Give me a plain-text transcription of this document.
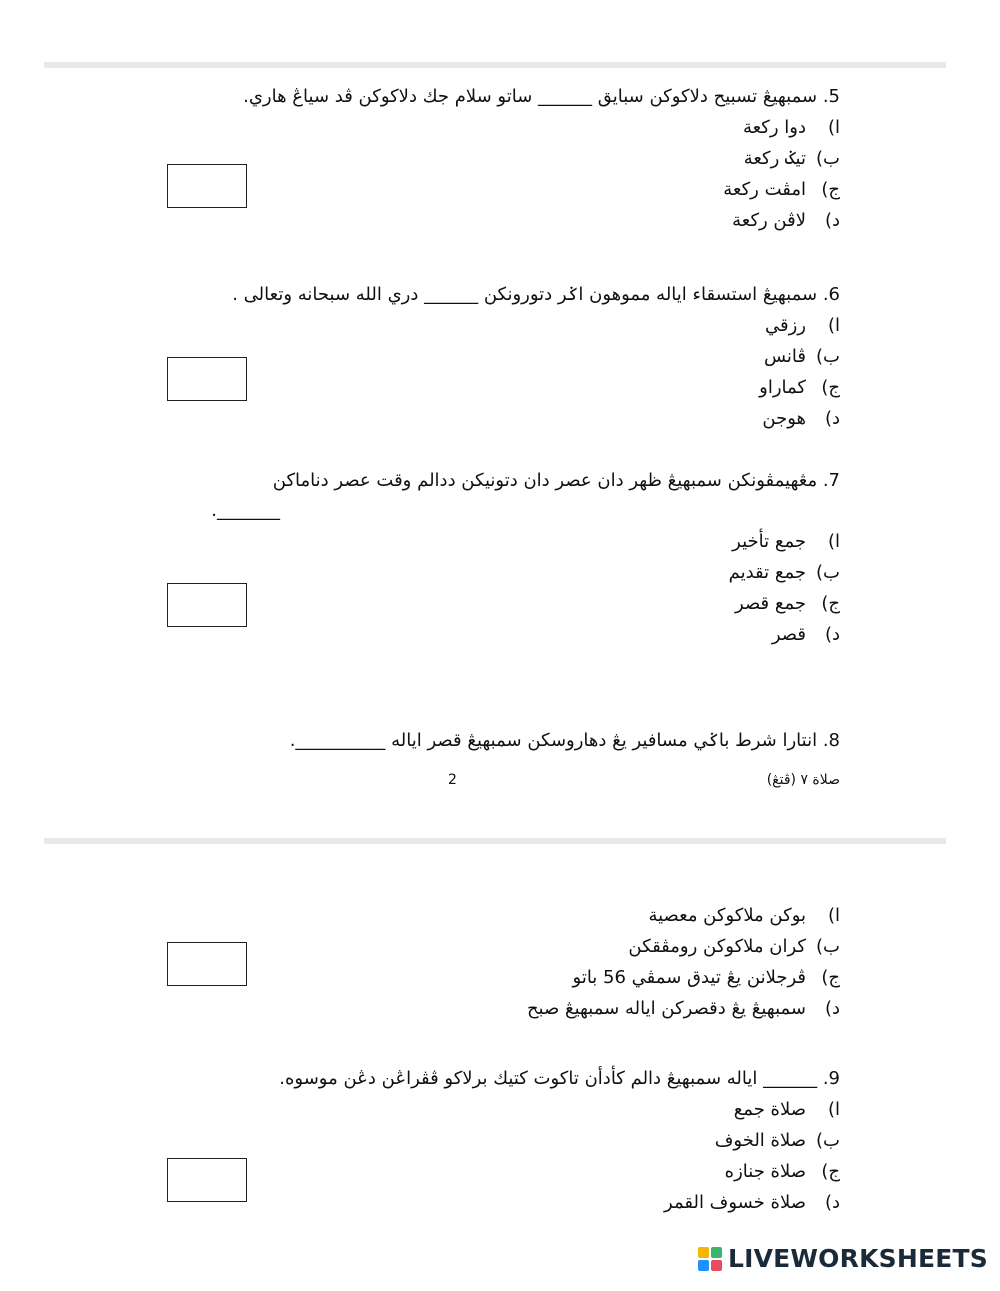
5. سمبهيڠ تسبيح دلاكوكن سبايق ______ ساتو سلام جك دلاكوكن ڤد سياڠ هاري.
ا)دوا ركعة
ب)تيݢ ركعة
ج)امڤت ركعة
د)لاڤن ركعة
6. سمبهيڠ استسقاء اياله مموهون اݢر دتورونكن ______ دري الله سبحانه وتعالى .
ا)رزقي
ب)ڤانس
ج)كماراو
د)هوجن
7. مڠهيمڤونكن سمبهيڠ ظهر دان عصر دان دتونيكن ددالم وقت عصر دناماكن
_______.
ا)جمع تأخير
ب)جمع تقديم
ج)جمع قصر
د)قصر
8. انتارا شرط باݢي مسافير يڠ دهاروسكن سمبهيڠ قصر اياله __________.
صلاة ٧ (ڤتڠ)
2
ا)بوكن ملاكوكن معصية
ب)كران ملاكوكن رومڤقكن
ج)ڤرجلانن يڠ تيدق سمڤي 56 باتو
د)سمبهيڠ يڠ دقصركن اياله سمبهيڠ صبح
9. ______ اياله سمبهيڠ دالم كأدأن تاكوت كتيك برلاكو ڤڤراڠن دڠن موسوه.
ا)صلاة جمع
ب)صلاة الخوف
ج)صلاة جنازه
د)صلاة خسوف القمر
LIVEWORKSHEETS
